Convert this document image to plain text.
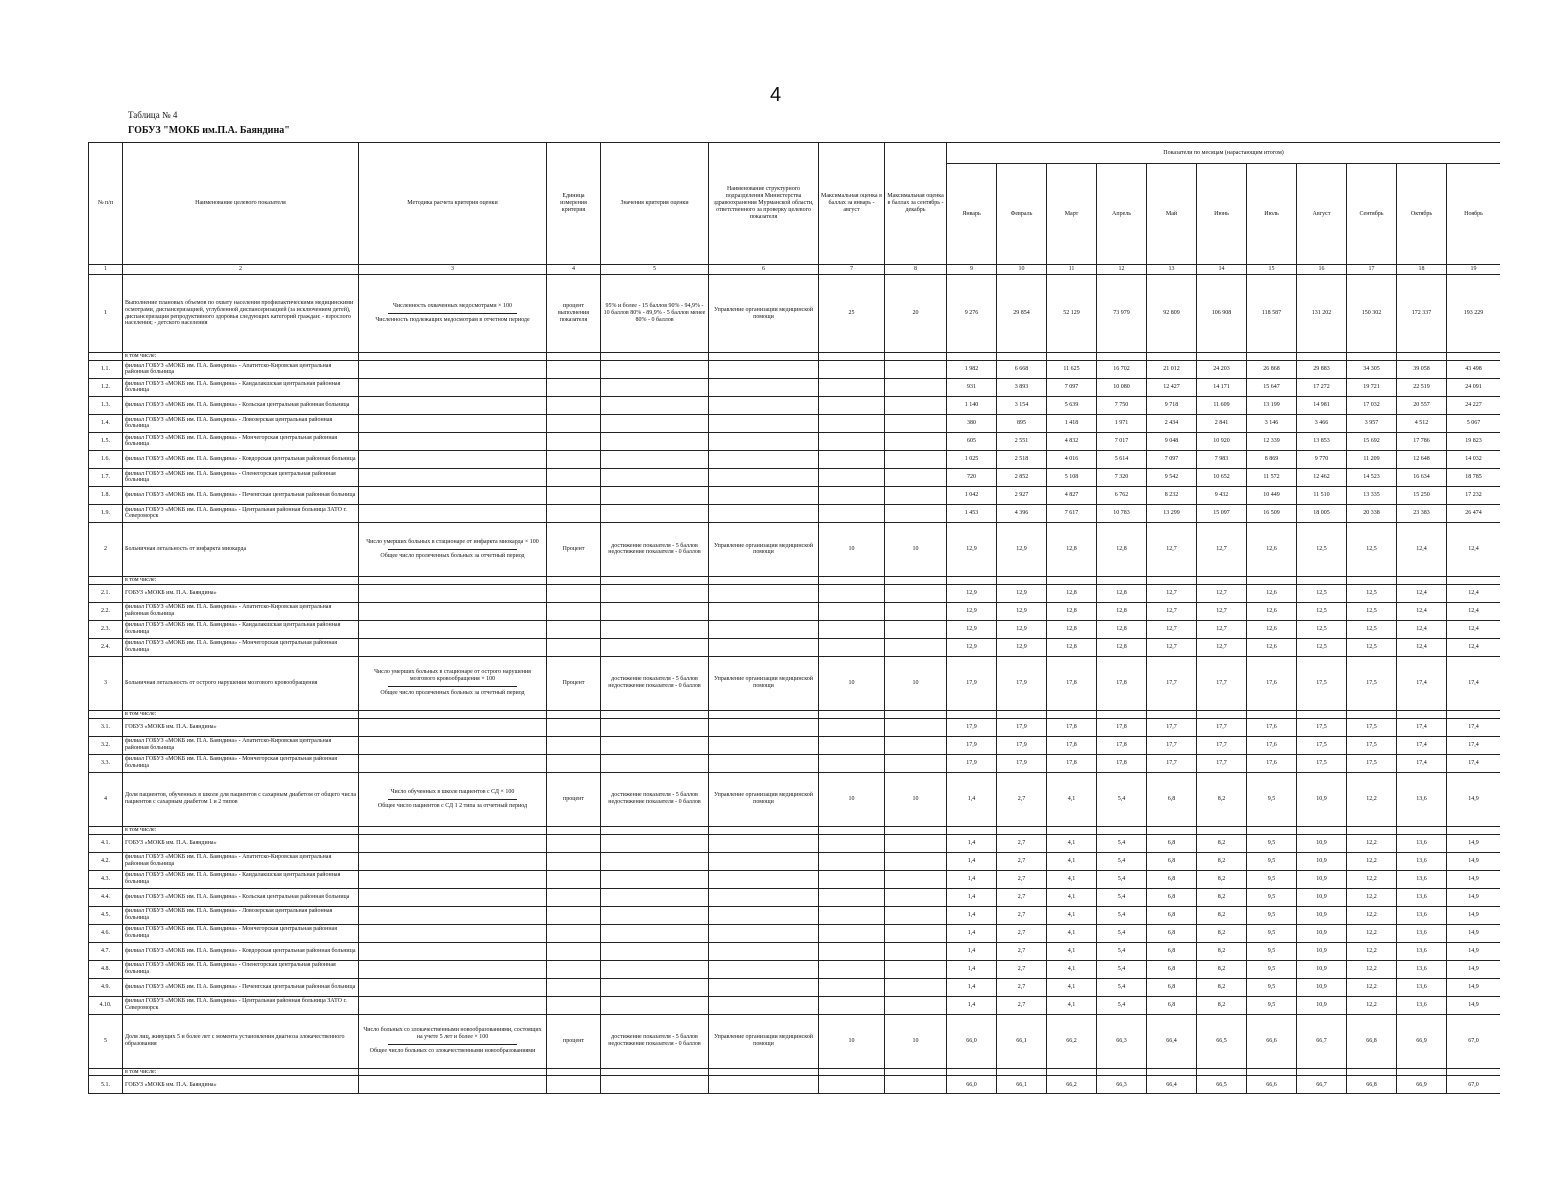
4
Таблица № 4
ГОБУЗ "МОКБ им.П.А. Баяндина"
№ п/п	Наименование целевого показателя	Методика расчета критерия оценки	Единица измерения критерия	Значения критерия оценки	Наименование структурного подразделения Министерства здравоохранения Мурманской области, ответственного за проверку целевого показателя	Максимальная оценка в баллах за январь - август	Максимальная оценка в баллах за сентябрь - декабрь	Показатели по месяцам (нарастающим итогом)										
								Январь	Февраль	Март	Апрель	Май	Июнь	Июль	Август	Сентябрь	Октябрь	Ноябрь
1	2	3	4	5	6	7	8	9	10	11	12	13	14	15	16	17	18	19
1	Выполнение плановых объемов по охвату населения профилактическими медицинскими осмотрами, диспансеризацией, углубленной диспансеризацией (за исключением детей), диспансеризация репродуктивного здоровья следующих категорий граждан: - взрослого населения; - детского населения	Численность охваченных медосмотрами × 100
Численность подлежащих медосмотрам в отчетном периоде	процент выполнения показателя	95% и более - 15 баллов 90% - 94,9% - 10 баллов 80% - 89,9% - 5 баллов менее 80% - 0 баллов	Управление организации медицинской помощи	25	20	9 276	29 854	52 129	73 979	92 809	106 908	118 587	131 202	150 302	172 337	193 229
	в том числе:																	
1.1.	филиал ГОБУЗ «МОКБ им. П.А. Баяндина» - Апатитско-Кировская центральная районная больница							1 982	6 668	11 625	16 702	21 012	24 203	26 868	29 883	34 305	39 058	43 498
1.2.	филиал ГОБУЗ «МОКБ им. П.А. Баяндина» - Кандалакшская центральная районная больница							931	3 893	7 097	10 080	12 427	14 171	15 647	17 272	19 721	22 519	24 091
1.3.	филиал ГОБУЗ «МОКБ им. П.А. Баяндина» - Кольская центральная районная больница							1 140	3 154	5 639	7 750	9 718	11 609	13 199	14 981	17 032	20 557	24 227
1.4.	филиал ГОБУЗ «МОКБ им. П.А. Баяндина» - Ловозерская центральная районная больница							380	895	1 418	1 971	2 434	2 841	3 146	3 466	3 957	4 512	5 067
1.5.	филиал ГОБУЗ «МОКБ им. П.А. Баяндина» - Мончегорская центральная районная больница							605	2 551	4 832	7 017	9 048	10 920	12 339	13 853	15 692	17 786	19 823
1.6.	филиал ГОБУЗ «МОКБ им. П.А. Баяндина» - Ковдорская центральная районная больница							1 025	2 518	4 016	5 614	7 097	7 983	8 869	9 770	11 209	12 648	14 032
1.7.	филиал ГОБУЗ «МОКБ им. П.А. Баяндина» - Оленегорская центральная районная больница							720	2 852	5 108	7 320	9 542	10 652	11 572	12 462	14 523	16 634	18 785
1.8.	филиал ГОБУЗ «МОКБ им. П.А. Баяндина» - Печенгская центральная районная больница							1 042	2 927	4 827	6 762	8 232	9 432	10 449	11 510	13 335	15 250	17 232
1.9.	филиал ГОБУЗ «МОКБ им. П.А. Баяндина» - Центральная районная больница ЗАТО г. Североморск							1 453	4 396	7 617	10 783	13 299	15 097	16 509	18 005	20 338	23 383	26 474
2	Больничная летальность от инфаркта миокарда	Число умерших больных в стационаре от инфаркта миокарда × 100
Общее число пролеченных больных за отчетный период	Процент	достижение показателя - 5 баллов недостижение показателя - 0 баллов	Управление организации медицинской помощи	10	10	12,9	12,9	12,8	12,8	12,7	12,7	12,6	12,5	12,5	12,4	12,4
	в том числе:																	
2.1.	ГОБУЗ «МОКБ им. П.А. Баяндина»							12,9	12,9	12,8	12,8	12,7	12,7	12,6	12,5	12,5	12,4	12,4
2.2.	филиал ГОБУЗ «МОКБ им. П.А. Баяндина» - Апатитско-Кировская центральная районная больница							12,9	12,9	12,8	12,8	12,7	12,7	12,6	12,5	12,5	12,4	12,4
2.3.	филиал ГОБУЗ «МОКБ им. П.А. Баяндина» - Кандалакшская центральная районная больница							12,9	12,9	12,8	12,8	12,7	12,7	12,6	12,5	12,5	12,4	12,4
2.4.	филиал ГОБУЗ «МОКБ им. П.А. Баяндина» - Мончегорская центральная районная больница							12,9	12,9	12,8	12,8	12,7	12,7	12,6	12,5	12,5	12,4	12,4
3	Больничная летальность от острого нарушения мозгового кровообращения	Число умерших больных в стационаре от острого нарушения мозгового кровообращения × 100
Общее число пролеченных больных за отчетный период	Процент	достижение показателя - 5 баллов недостижение показателя - 0 баллов	Управление организации медицинской помощи	10	10	17,9	17,9	17,8	17,8	17,7	17,7	17,6	17,5	17,5	17,4	17,4
	в том числе:																	
3.1.	ГОБУЗ «МОКБ им. П.А. Баяндина»							17,9	17,9	17,8	17,8	17,7	17,7	17,6	17,5	17,5	17,4	17,4
3.2.	филиал ГОБУЗ «МОКБ им. П.А. Баяндина» - Апатитско-Кировская центральная районная больница							17,9	17,9	17,8	17,8	17,7	17,7	17,6	17,5	17,5	17,4	17,4
3.3.	филиал ГОБУЗ «МОКБ им. П.А. Баяндина» - Мончегорская центральная районная больница							17,9	17,9	17,8	17,8	17,7	17,7	17,6	17,5	17,5	17,4	17,4
4	Доля пациентов, обученных в школе для пациентов с сахарным диабетом от общего числа пациентов с сахарным диабетом 1 и 2 типов	Число обученных в школе пациентов с СД × 100
Общее число пациентов с СД 1 2 типа за отчетный период	процент	достижение показателя - 5 баллов недостижение показателя - 0 баллов	Управление организации медицинской помощи	10	10	1,4	2,7	4,1	5,4	6,8	8,2	9,5	10,9	12,2	13,6	14,9
	в том числе:																	
4.1.	ГОБУЗ «МОКБ им. П.А. Баяндина»							1,4	2,7	4,1	5,4	6,8	8,2	9,5	10,9	12,2	13,6	14,9
4.2.	филиал ГОБУЗ «МОКБ им. П.А. Баяндина» - Апатитско-Кировская центральная районная больница							1,4	2,7	4,1	5,4	6,8	8,2	9,5	10,9	12,2	13,6	14,9
4.3.	филиал ГОБУЗ «МОКБ им. П.А. Баяндина» - Кандалакшская центральная районная больница							1,4	2,7	4,1	5,4	6,8	8,2	9,5	10,9	12,2	13,6	14,9
4.4.	филиал ГОБУЗ «МОКБ им. П.А. Баяндина» - Кольская центральная районная больница							1,4	2,7	4,1	5,4	6,8	8,2	9,5	10,9	12,2	13,6	14,9
4.5.	филиал ГОБУЗ «МОКБ им. П.А. Баяндина» - Ловозерская центральная районная больница							1,4	2,7	4,1	5,4	6,8	8,2	9,5	10,9	12,2	13,6	14,9
4.6.	филиал ГОБУЗ «МОКБ им. П.А. Баяндина» - Мончегорская центральная районная больница							1,4	2,7	4,1	5,4	6,8	8,2	9,5	10,9	12,2	13,6	14,9
4.7.	филиал ГОБУЗ «МОКБ им. П.А. Баяндина» - Ковдорская центральная районная больница							1,4	2,7	4,1	5,4	6,8	8,2	9,5	10,9	12,2	13,6	14,9
4.8.	филиал ГОБУЗ «МОКБ им. П.А. Баяндина» - Оленегорская центральная районная больница							1,4	2,7	4,1	5,4	6,8	8,2	9,5	10,9	12,2	13,6	14,9
4.9.	филиал ГОБУЗ «МОКБ им. П.А. Баяндина» - Печенгская центральная районная больница							1,4	2,7	4,1	5,4	6,8	8,2	9,5	10,9	12,2	13,6	14,9
4.10.	филиал ГОБУЗ «МОКБ им. П.А. Баяндина» - Центральная районная больница ЗАТО г. Североморск							1,4	2,7	4,1	5,4	6,8	8,2	9,5	10,9	12,2	13,6	14,9
5	Доля лиц, живущих 5 и более лет с момента установления диагноза злокачественного образования	Число больных со злокачественными новообразованиями, состоящих на учете 5 лет и более × 100
Общее число больных со злокачественными новообразованиями	процент	достижение показателя - 5 баллов недостижение показателя - 0 баллов	Управление организации медицинской помощи	10	10	66,0	66,1	66,2	66,3	66,4	66,5	66,6	66,7	66,8	66,9	67,0
	в том числе:																	
5.1.	ГОБУЗ «МОКБ им. П.А. Баяндина»							66,0	66,1	66,2	66,3	66,4	66,5	66,6	66,7	66,8	66,9	67,0
